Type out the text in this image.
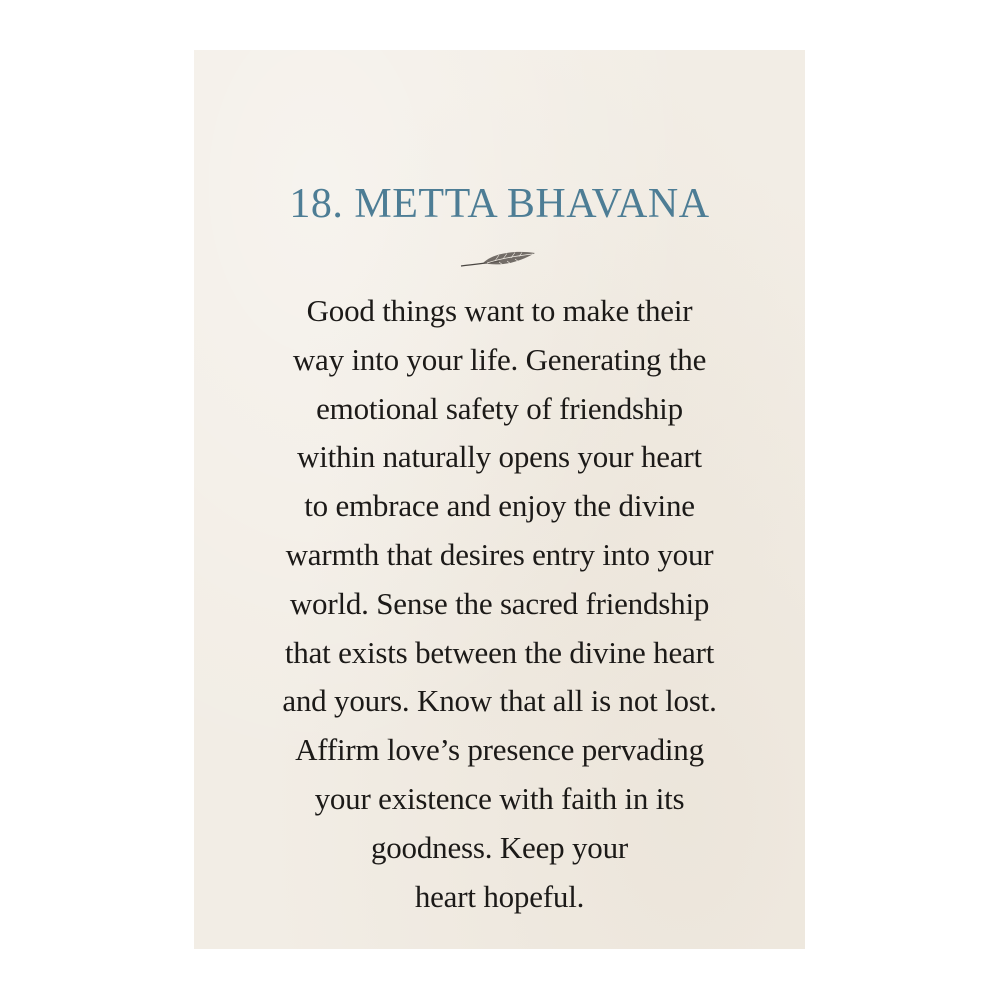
18. METTA BHAVANA
Good things want to make their
way into your life. Generating the
emotional safety of friendship
within naturally opens your heart
to embrace and enjoy the divine
warmth that desires entry into your
world. Sense the sacred friendship
that exists between the divine heart
and yours. Know that all is not lost.
Affirm love’s presence pervading
your existence with faith in its
goodness. Keep your
heart hopeful.
